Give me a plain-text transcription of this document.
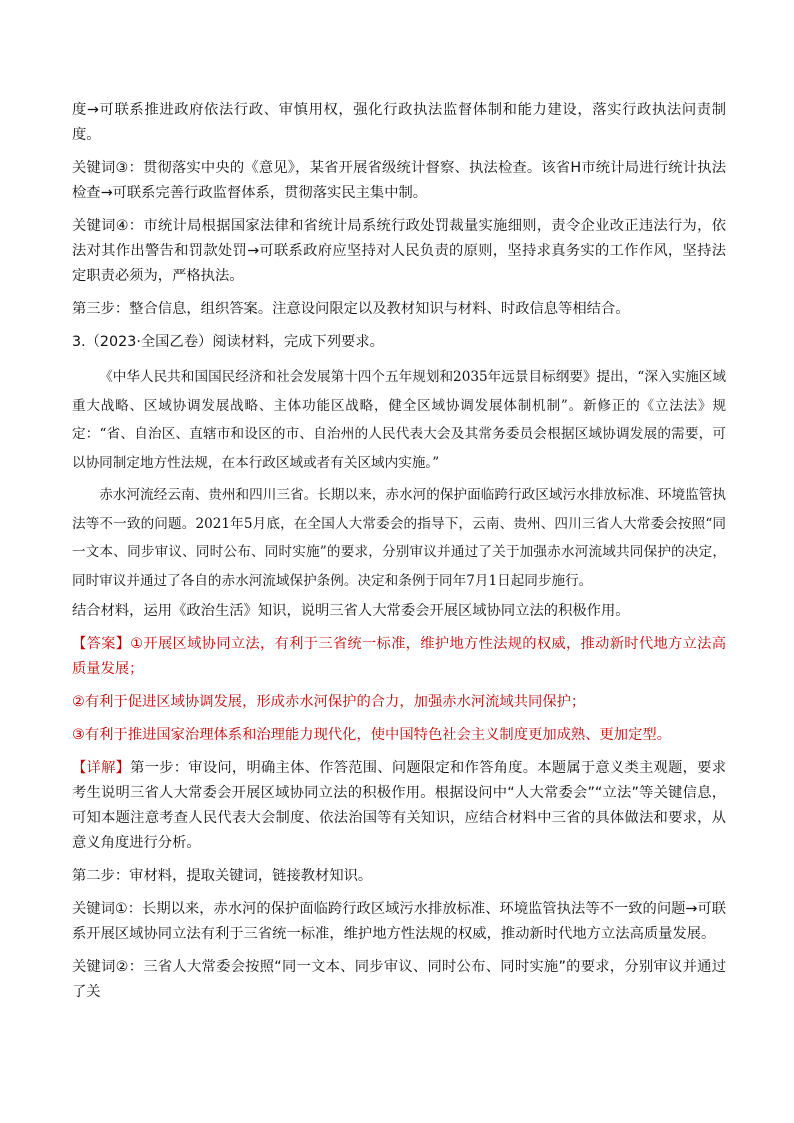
度→可联系推进政府依法行政、审慎用权，强化行政执法监督体制和能力建设，落实行政执法问责制度。

关键词③：贯彻落实中央的《意见》，某省开展省级统计督察、执法检查。该省H市统计局进行统计执法检查→可联系完善行政监督体系，贯彻落实民主集中制。

关键词④：市统计局根据国家法律和省统计局系统行政处罚裁量实施细则，责令企业改正违法行为，依法对其作出警告和罚款处罚→可联系政府应坚持对人民负责的原则，坚持求真务实的工作作风，坚持法定职责必须为，严格执法。

第三步：整合信息，组织答案。注意设问限定以及教材知识与材料、时政信息等相结合。

3.（2023·全国乙卷）阅读材料，完成下列要求。

《中华人民共和国国民经济和社会发展第十四个五年规划和2035年远景目标纲要》提出，“深入实施区域重大战略、区域协调发展战略、主体功能区战略，健全区域协调发展体制机制”。新修正的《立法法》规定：“省、自治区、直辖市和设区的市、自治州的人民代表大会及其常务委员会根据区域协调发展的需要，可以协同制定地方性法规，在本行政区域或者有关区域内实施。”

赤水河流经云南、贵州和四川三省。长期以来，赤水河的保护面临跨行政区域污水排放标准、环境监管执法等不一致的问题。2021年5月底，在全国人大常委会的指导下，云南、贵州、四川三省人大常委会按照“同一文本、同步审议、同时公布、同时实施”的要求，分别审议并通过了关于加强赤水河流域共同保护的决定，同时审议并通过了各自的赤水河流域保护条例。决定和条例于同年7月1日起同步施行。

结合材料，运用《政治生活》知识，说明三省人大常委会开展区域协同立法的积极作用。

【答案】①开展区域协同立法，有利于三省统一标准，维护地方性法规的权威，推动新时代地方立法高质量发展；

②有利于促进区域协调发展，形成赤水河保护的合力，加强赤水河流域共同保护；

③有利于推进国家治理体系和治理能力现代化，使中国特色社会主义制度更加成熟、更加定型。

【详解】第一步：审设问，明确主体、作答范围、问题限定和作答角度。本题属于意义类主观题，要求考生说明三省人大常委会开展区域协同立法的积极作用。根据设问中“人大常委会”“立法”等关键信息，可知本题注意考查人民代表大会制度、依法治国等有关知识，应结合材料中三省的具体做法和要求，从意义角度进行分析。

第二步：审材料，提取关键词，链接教材知识。

关键词①：长期以来，赤水河的保护面临跨行政区域污水排放标准、环境监管执法等不一致的问题→可联系开展区域协同立法有利于三省统一标准，维护地方性法规的权威，推动新时代地方立法高质量发展。

关键词②：三省人大常委会按照“同一文本、同步审议、同时公布、同时实施”的要求，分别审议并通过了关
